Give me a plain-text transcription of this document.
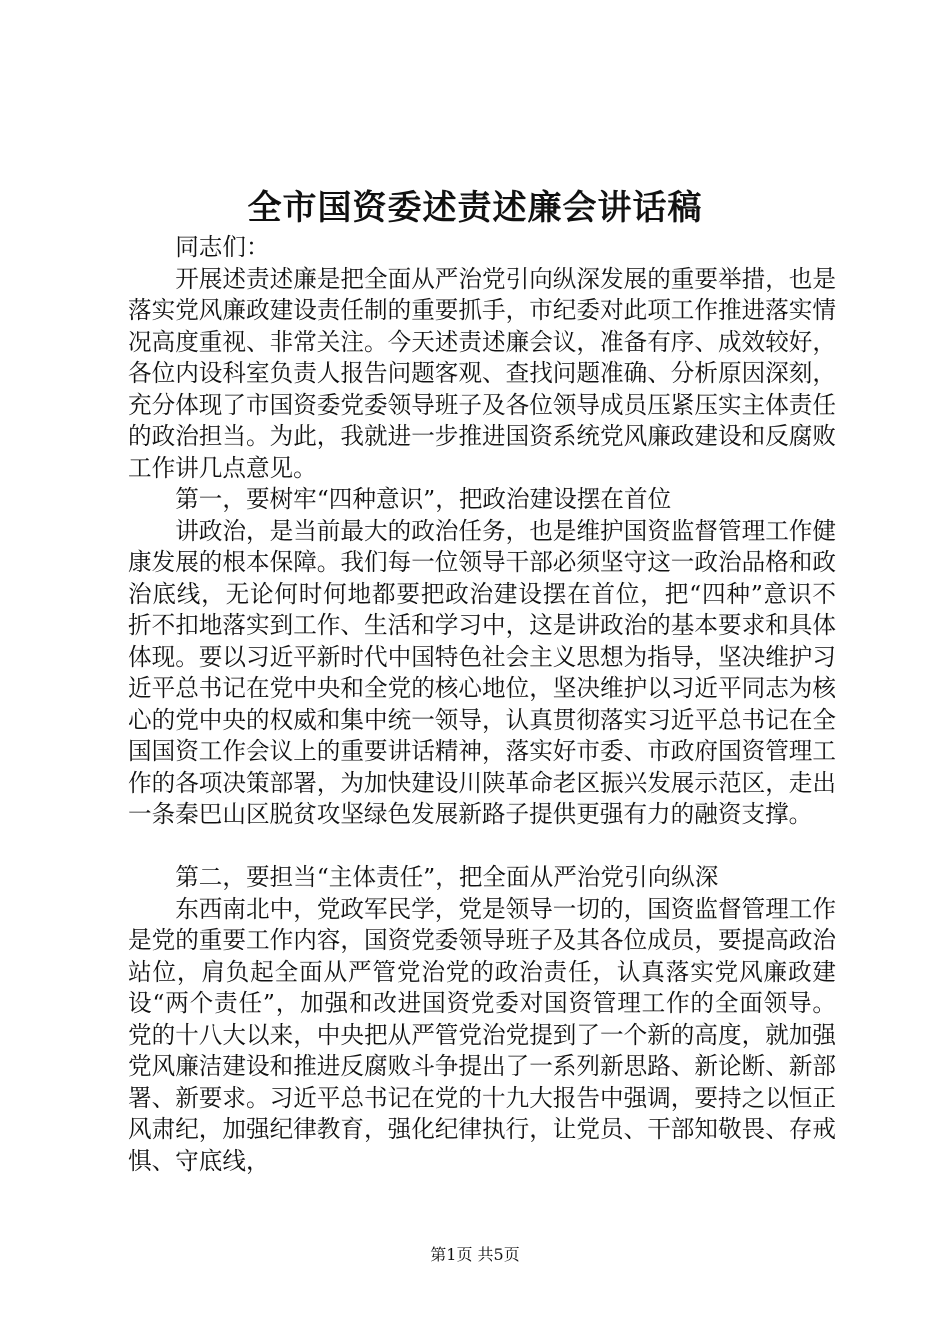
全市国资委述责述廉会讲话稿

同志们：

开展述责述廉是把全面从严治党引向纵深发展的重要举措，也是落实党风廉政建设责任制的重要抓手，市纪委对此项工作推进落实情况高度重视、非常关注。今天述责述廉会议，准备有序、成效较好，各位内设科室负责人报告问题客观、查找问题准确、分析原因深刻，充分体现了市国资委党委领导班子及各位领导成员压紧压实主体责任的政治担当。为此，我就进一步推进国资系统党风廉政建设和反腐败工作讲几点意见。

第一，要树牢“四种意识”，把政治建设摆在首位

讲政治，是当前最大的政治任务，也是维护国资监督管理工作健康发展的根本保障。我们每一位领导干部必须坚守这一政治品格和政治底线，无论何时何地都要把政治建设摆在首位，把“四种”意识不折不扣地落实到工作、生活和学习中，这是讲政治的基本要求和具体体现。要以习近平新时代中国特色社会主义思想为指导，坚决维护习近平总书记在党中央和全党的核心地位，坚决维护以习近平同志为核心的党中央的权威和集中统一领导，认真贯彻落实习近平总书记在全国国资工作会议上的重要讲话精神，落实好市委、市政府国资管理工作的各项决策部署，为加快建设川陕革命老区振兴发展示范区，走出一条秦巴山区脱贫攻坚绿色发展新路子提供更强有力的融资支撑。

第二，要担当“主体责任”，把全面从严治党引向纵深

东西南北中，党政军民学，党是领导一切的，国资监督管理工作是党的重要工作内容，国资党委领导班子及其各位成员，要提高政治站位，肩负起全面从严管党治党的政治责任，认真落实党风廉政建设“两个责任”，加强和改进国资党委对国资管理工作的全面领导。党的十八大以来，中央把从严管党治党提到了一个新的高度，就加强党风廉洁建设和推进反腐败斗争提出了一系列新思路、新论断、新部署、新要求。习近平总书记在党的十九大报告中强调，要持之以恒正风肃纪，加强纪律教育，强化纪律执行，让党员、干部知敬畏、存戒惧、守底线，

第1页 共5页
